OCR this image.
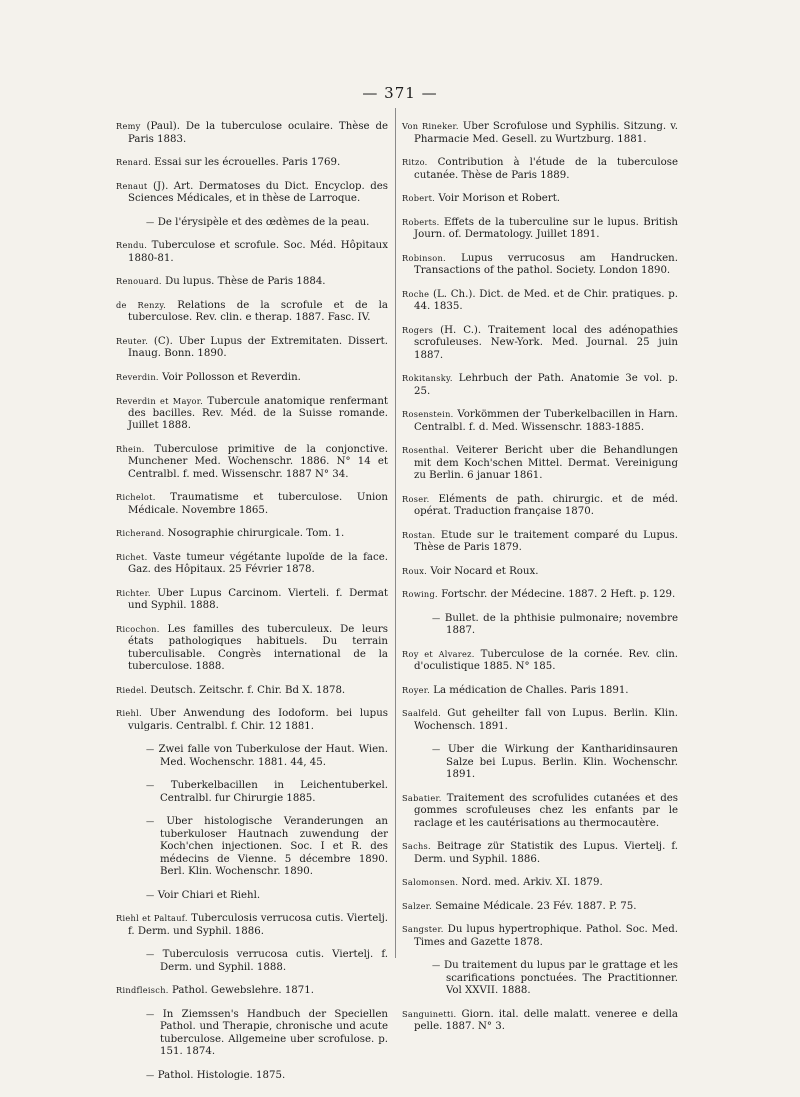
— 371 —

Remy (Paul). De la tuberculose oculaire. Thèse de Paris 1883.

Renard. Essai sur les écrouelles. Paris 1769.

Renaut (J). Art. Dermatoses du Dict. Encyclop. des Sciences Médicales, et in thèse de Larroque.

— De l'érysipèle et des œdèmes de la peau.

Rendu. Tuberculose et scrofule. Soc. Méd. Hôpitaux 1880-81.

Renouard. Du lupus. Thèse de Paris 1884.

de Renzy. Relations de la scrofule et de la tuberculose. Rev. clin. e therap. 1887. Fasc. IV.

Reuter. (C). Uber Lupus der Extremitaten. Dissert. Inaug. Bonn. 1890.

Reverdin. Voir Pollosson et Reverdin.

Reverdin et Mayor. Tubercule anatomique renfermant des bacilles. Rev. Méd. de la Suisse romande. Juillet 1888.

Rhein. Tuberculose primitive de la conjonctive. Munchener Med. Wochenschr. 1886. N° 14 et Centralbl. f. med. Wissenschr. 1887 N° 34.

Richelot. Traumatisme et tuberculose. Union Médicale. Novembre 1865.

Richerand. Nosographie chirurgicale. Tom. 1.

Richet. Vaste tumeur végétante lupoïde de la face. Gaz. des Hôpitaux. 25 Février 1878.

Richter. Uber Lupus Carcinom. Vierteli. f. Dermat und Syphil. 1888.

Ricochon. Les familles des tuberculeux. De leurs états pathologiques habituels. Du terrain tuberculisable. Congrès international de la tuberculose. 1888.

Riedel. Deutsch. Zeitschr. f. Chir. Bd X. 1878.

Riehl. Uber Anwendung des Iodoform. bei lupus vulgaris. Centralbl. f. Chir. 12 1881.

— Zwei falle von Tuberkulose der Haut. Wien. Med. Wochenschr. 1881. 44, 45.

— Tuberkelbacillen in Leichentuberkel. Centralbl. fur Chirurgie 1885.

— Uber histologische Veranderungen an tuberkuloser Hautnach zuwendung der Koch'chen injectionen. Soc. I et R. des médecins de Vienne. 5 décembre 1890. Berl. Klin. Wochenschr. 1890.

— Voir Chiari et Riehl.

Riehl et Paltauf. Tuberculosis verrucosa cutis. Viertelj. f. Derm. und Syphil. 1886.

— Tuberculosis verrucosa cutis. Viertelj. f. Derm. und Syphil. 1888.

Rindfleisch. Pathol. Gewebslehre. 1871.

— In Ziemssen's Handbuch der Speciellen Pathol. und Therapie, chronische und acute tuberculose. Allgemeine uber scrofulose. p. 151. 1874.

— Pathol. Histologie. 1875.

Von Rineker. Uber Scrofulose und Syphilis. Sitzung. v. Pharmacie Med. Gesell. zu Wurtzburg. 1881.

Ritzo. Contribution à l'étude de la tuberculose cutanée. Thèse de Paris 1889.

Robert. Voir Morison et Robert.

Roberts. Effets de la tuberculine sur le lupus. British Journ. of. Dermatology. Juillet 1891.

Robinson. Lupus verrucosus am Handrucken. Transactions of the pathol. Society. London 1890.

Roche (L. Ch.). Dict. de Med. et de Chir. pratiques. p. 44. 1835.

Rogers (H. C.). Traitement local des adénopathies scrofuleuses. New-York. Med. Journal. 25 juin 1887.

Rokitansky. Lehrbuch der Path. Anatomie 3e vol. p. 25.

Rosenstein. Vorkömmen der Tuberkelbacillen in Harn. Centralbl. f. d. Med. Wissenschr. 1883-1885.

Rosenthal. Veiterer Bericht uber die Behandlungen mit dem Koch'schen Mittel. Dermat. Vereinigung zu Berlin. 6 januar 1861.

Roser. Eléments de path. chirurgic. et de méd. opérat. Traduction française 1870.

Rostan. Etude sur le traitement comparé du Lupus. Thèse de Paris 1879.

Roux. Voir Nocard et Roux.

Rowing. Fortschr. der Médecine. 1887. 2 Heft. p. 129.

— Bullet. de la phthisie pulmonaire; novembre 1887.

Roy et Alvarez. Tuberculose de la cornée. Rev. clin. d'oculistique 1885. N° 185.

Royer. La médication de Challes. Paris 1891.

Saalfeld. Gut geheilter fall von Lupus. Berlin. Klin. Wochensch. 1891.

— Uber die Wirkung der Kantharidinsauren Salze bei Lupus. Berlin. Klin. Wochenschr. 1891.

Sabatier. Traitement des scrofulides cutanées et des gommes scrofuleuses chez les enfants par le raclage et les cautérisations au thermocautère.

Sachs. Beitrage zür Statistik des Lupus. Viertelj. f. Derm. und Syphil. 1886.

Salomonsen. Nord. med. Arkiv. XI. 1879.

Salzer. Semaine Médicale. 23 Fév. 1887. P. 75.

Sangster. Du lupus hypertrophique. Pathol. Soc. Med. Times and Gazette 1878.

— Du traitement du lupus par le grattage et les scarifications ponctuées. The Practitionner. Vol XXVII. 1888.

Sanguinetti. Giorn. ital. delle malatt. veneree e della pelle. 1887. N° 3.
